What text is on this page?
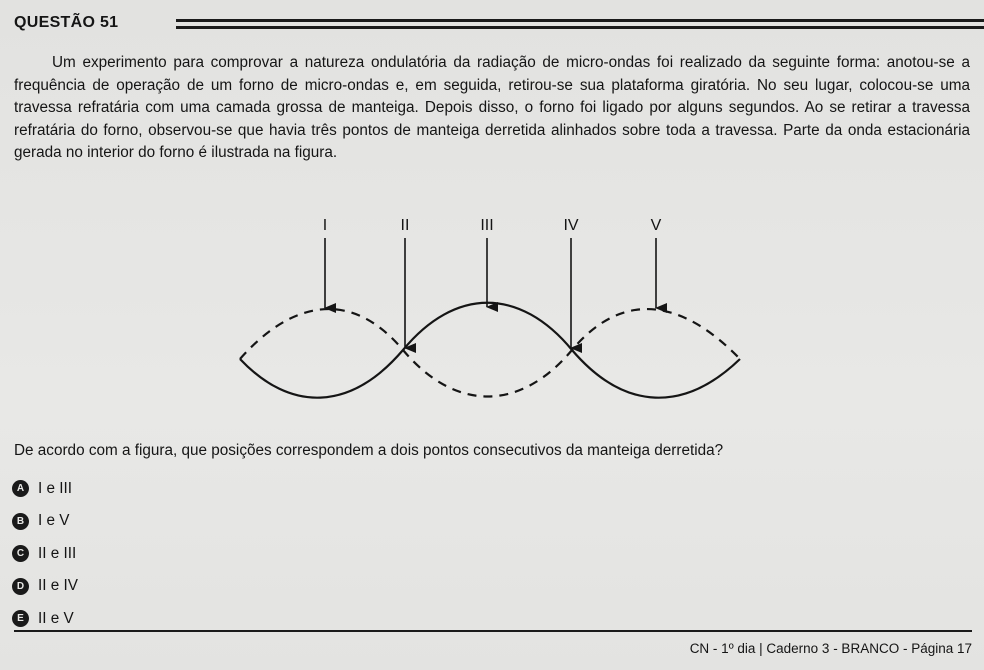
QUESTÃO 51
Um experimento para comprovar a natureza ondulatória da radiação de micro-ondas foi realizado da seguinte forma: anotou-se a frequência de operação de um forno de micro-ondas e, em seguida, retirou-se sua plataforma giratória. No seu lugar, colocou-se uma travessa refratária com uma camada grossa de manteiga. Depois disso, o forno foi ligado por alguns segundos. Ao se retirar a travessa refratária do forno, observou-se que havia três pontos de manteiga derretida alinhados sobre toda a travessa. Parte da onda estacionária gerada no interior do forno é ilustrada na figura.
I	II	III	IV	V
De acordo com a figura, que posições correspondem a dois pontos consecutivos da manteiga derretida?
A I e III
B I e V
C II e III
D II e IV
E II e V
CN - 1º dia | Caderno 3 - BRANCO - Página 17
